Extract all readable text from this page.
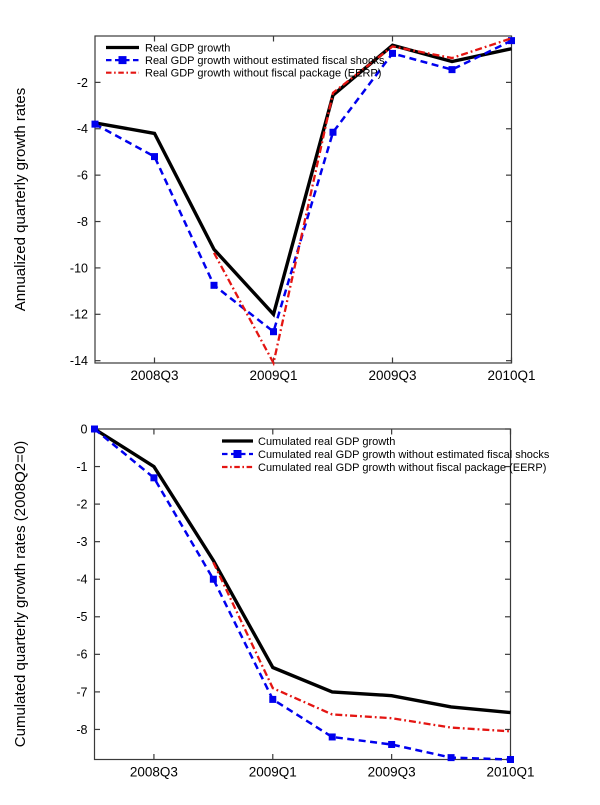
2008Q3	2009Q1	2009Q3	2010Q1
-2
-4
-6
-8
-10
-12
-14
Annualized quarterly growth rates
Real GDP growth
Real GDP growth without estimated fiscal shocks
Real GDP growth without fiscal package (EERP)
2008Q3	2009Q1	2009Q3	2010Q1
0
-1
-2
-3
-4
-5
-6
-7
-8
Cumulated quarterly growth rates (2008Q2=0)	Cumulated real GDP growth
Cumulated real GDP growth without estimated fiscal shocks
Cumulated real GDP growth without fiscal package (EERP)
